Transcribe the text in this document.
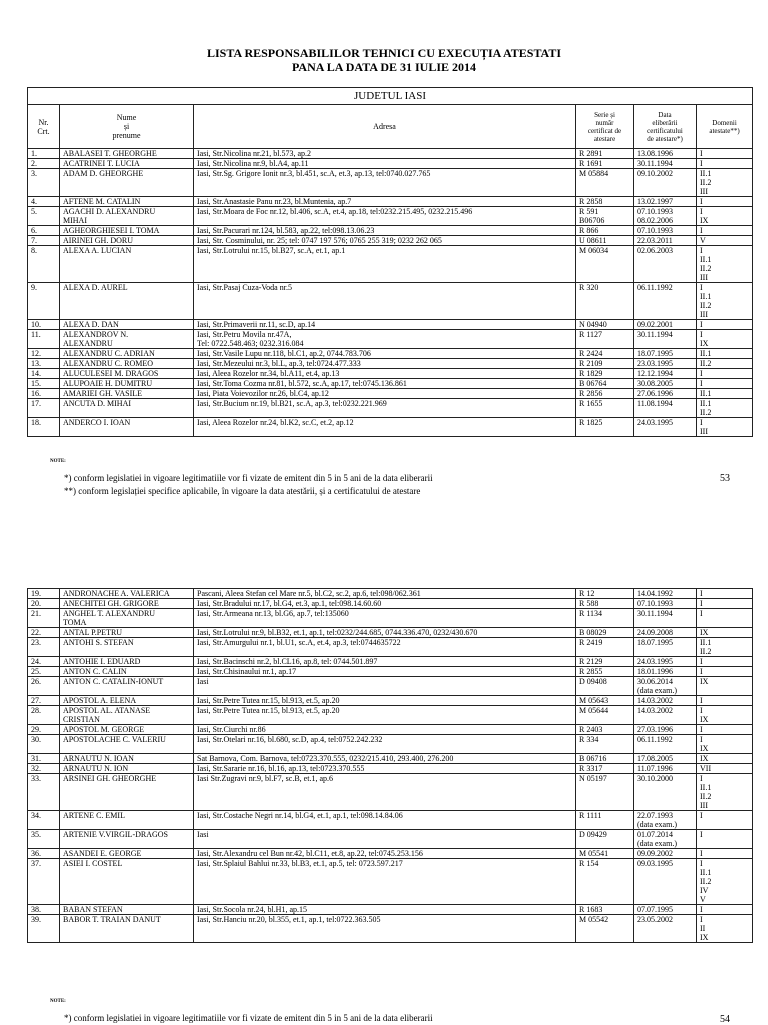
LISTA RESPONSABILILOR TEHNICI CU EXECUȚIA ATESTATI
PANA LA DATA DE 31 IULIE 2014
JUDETUL IASI					
Nr.
Crt.	Nume
și
prenume	Adresa	Serie și
număr
certificat de
atestare	Data
eliberării
certificatului
de atestare*)	Domenii
atestate**)
1.	ABALASEI T. GHEORGHE	Iasi, Str.Nicolina nr.21, bl.573, ap.2	R 2891	13.08.1996	I
2.	ACATRINEI T. LUCIA	Iasi, Str.Nicolina nr.9, bl.A4, ap.11	R 1691	30.11.1994	I
3.	ADAM D. GHEORGHE	Iasi, Str.Sg. Grigore Ionit nr.3, bl.451, sc.A, et.3, ap.13, tel:0740.027.765	M 05884	09.10.2002	II.1
II.2
III
4.	AFTENE M. CATALIN	Iasi, Str.Anastasie Panu nr.23, bl.Muntenia, ap.7	R 2858	13.02.1997	I
5.	AGACHI D. ALEXANDRU
MIHAI	Iasi, Str.Moara de Foc nr.12, bl.406, sc.A, et.4, ap.18, tel:0232.215.495, 0232.215.496	R 591
B06706	07.10.1993
08.02.2006	I
IX
6.	AGHEORGHIESEI I. TOMA	Iasi, Str.Pacurari nr.124, bl.583, ap.22, tel:098.13.06.23	R 866	07.10.1993	I
7.	AIRINEI GH. DORU	Iasi, Str. Cosminului, nr. 25; tel: 0747 197 576; 0765 255 319; 0232 262 065	U 08611	22.03.2011	V
8.	ALEXA A. LUCIAN	Iasi, Str.Lotrului nr.15, bl.B27, sc.A, et.1, ap.1	M 06034	02.06.2003	I
II.1
II.2
III
9.	ALEXA D. AUREL	Iasi, Str.Pasaj Cuza-Voda nr.5	R 320	06.11.1992	I
II.1
II.2
III
10.	ALEXA D. DAN	Iasi, Str.Primaverii nr.11, sc.D, ap.14	N 04940	09.02.2001	I
11.	ALEXANDROV N.
ALEXANDRU	Iasi, Str.Petru Movila nr.47A,
Tel: 0722.548.463; 0232.316.084	R 1127	30.11.1994	I
IX
12.	ALEXANDRU C. ADRIAN	Iasi, Str.Vasile Lupu nr.118, bl.C1, ap.2, 0744.783.706	R 2424	18.07.1995	II.1
13.	ALEXANDRU C. ROMEO	Iasi, Str.Mezeului nr.3, bl.L, ap.3, tel:0724.477.333	R 2109	23.03.1995	II.2
14.	ALUCULESEI M. DRAGOS	Iasi, Aleea Rozelor nr.34, bl.A11, et.4, ap.13	R 1829	12.12.1994	I
15.	ALUPOAIE H. DUMITRU	Iasi, Str.Toma Cozma nr.81, bl.572, sc.A, ap.17, tel:0745.136.861	B 06764	30.08.2005	I
16.	AMARIEI GH. VASILE	Iasi, Piata Voievozilor nr.26, bl.C4, ap.12	R 2856	27.06.1996	II.1
17.	ANCUTA D. MIHAI	Iasi, Str.Bucium nr.19, bl.B21, sc.A, ap.3, tel:0232.221.969	R 1655	11.08.1994	II.1
II.2
18.	ANDERCO I. IOAN	Iasi, Aleea Rozelor nr.24, bl.K2, sc.C, et.2, ap.12	R 1825	24.03.1995	I
III
NOTE:
*) conform legislatiei in vigoare legitimatiile vor fi vizate de emitent din 5 in 5 ani de la data eliberarii
**) conform legislației specifice aplicabile, în vigoare la data atestării, și a certificatului de atestare
53
19.	ANDRONACHE A. VALERICA	Pascani, Aleea Stefan cel Mare nr.5, bl.C2, sc.2, ap.6, tel:098/062.361	R 12	14.04.1992	I
20.	ANECHITEI GH. GRIGORE	Iasi, Str.Bradului nr.17, bl.G4, et.3, ap.1, tel:098.14.60.60	R 588	07.10.1993	I
21.	ANGHEL T. ALEXANDRU
TOMA	Iasi, Str.Armeana nr.13, bl.G6, ap.7, tel:135060	R 1134	30.11.1994	I
22.	ANTAL P.PETRU	Iasi, Str.Lotrului nr.9, bl.B32, et.1, ap.1, tel:0232/244.685, 0744.336.470, 0232/430.670	B 08029	24.09.2008	IX
23.	ANTOHI S. STEFAN	Iasi, Str.Amurgului nr.1, bl.U1, sc.A, et.4, ap.3, tel:0744635722	R 2419	18.07.1995	II.1
II.2
24.	ANTOHIE I. EDUARD	Iasi, Str.Bacinschi nr.2, bl.CL16, ap.8, tel: 0744.501.897	R 2129	24.03.1995	I
25.	ANTON C. CALIN	Iasi, Str.Chisinaului nr.1, ap.17	R 2855	18.01.1996	I
26.	ANTON C. CATALIN-IONUT	Iasi	D 09408	30.06.2014
(data exam.)	IX
27.	APOSTOL A. ELENA	Iasi, Str.Petre Tutea nr.15, bl.913, et.5, ap.20	M 05643	14.03.2002	I
28.	APOSTOL AL. ATANASE
CRISTIAN	Iasi, Str.Petre Tutea nr.15, bl.913, et.5, ap.20	M 05644	14.03.2002	I
IX
29.	APOSTOL M. GEORGE	Iasi, Str.Ciurchi nr.86	R 2403	27.03.1996	I
30.	APOSTOLACHE C. VALERIU	Iasi, Str.Otelari nr.16, bl.680, sc.D, ap.4, tel:0752.242.232	R 334	06.11.1992	I
IX
31.	ARNAUTU N. IOAN	Sat Barnova, Com. Barnova, tel:0723.370.555, 0232/215.410, 293.400, 276.200	B 06716	17.08.2005	IX
32.	ARNAUTU N. ION	Iasi, Str.Sararie nr.16, bl.16, ap.13, tel:0723.370.555	R 3317	11.07.1996	VII
33.	ARSINEI GH. GHEORGHE	Iasi Str.Zugravi nr.9, bl.F7, sc.B, et.1, ap.6	N 05197	30.10.2000	I
II.1
II.2
III
34.	ARTENE C. EMIL	Iasi, Str.Costache Negri nr.14, bl.G4, et.1, ap.1, tel:098.14.84.06	R 1111	22.07.1993
(data exam.)	I
35.	ARTENIE V.VIRGIL-DRAGOS	Iasi	D 09429	01.07.2014
(data exam.)	I
36.	ASANDEI E. GEORGE	Iasi, Str.Alexandru cel Bun nr.42, bl.C11, et.8, ap.22, tel:0745.253.156	M 05541	09.09.2002	I
37.	ASIEI I. COSTEL	Iasi, Str.Splaiul Bahlui nr.33, bl.B3, et.1, ap.5, tel: 0723.597.217	R 154	09.03.1995	I
II.1
II.2
IV
V
38.	BABAN STEFAN	Iasi, Str.Socola nr.24, bl.H1, ap.15	R 1683	07.07.1995	I
39.	BABOR T. TRAIAN DANUT	Iasi, Str.Hanciu nr.20, bl.355, et.1, ap.1, tel:0722.363.505	M 05542	23.05.2002	I
II
IX
NOTE:
*) conform legislatiei in vigoare legitimatiile vor fi vizate de emitent din 5 in 5 ani de la data eliberarii	54
